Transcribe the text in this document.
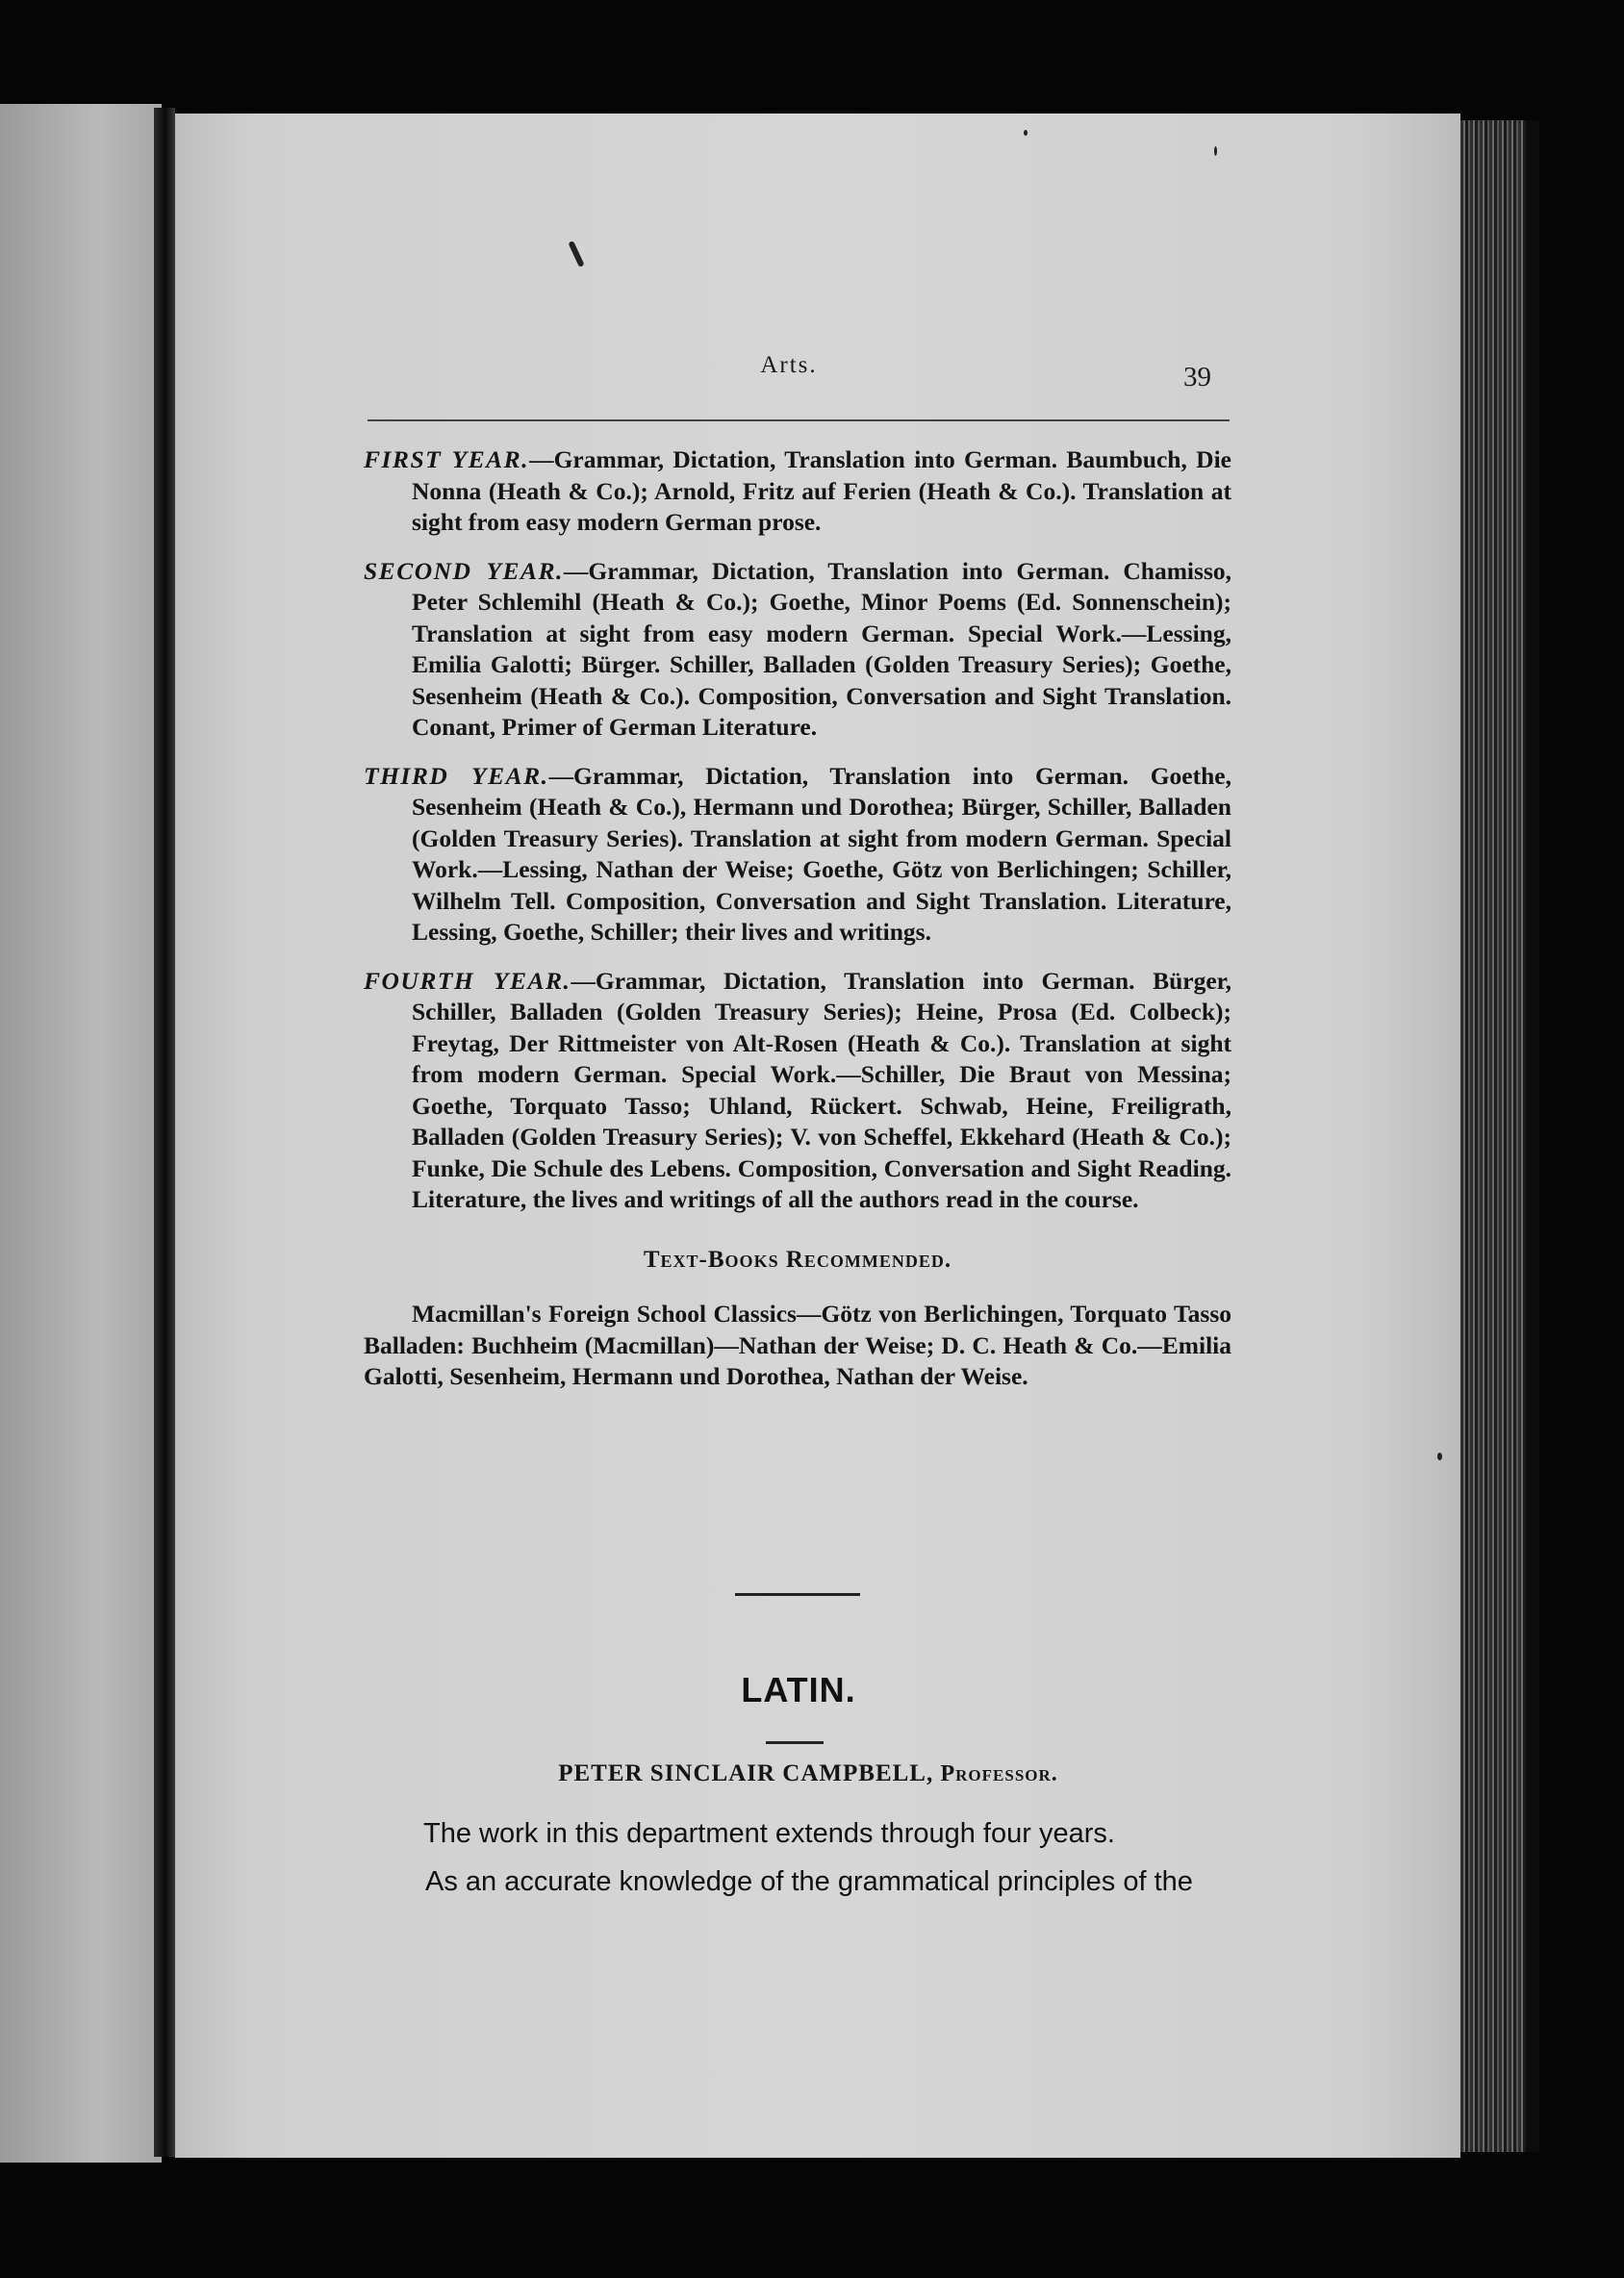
Arts.	39

FIRST YEAR.—Grammar, Dictation, Translation into German. Baumbuch, Die Nonna (Heath & Co.); Arnold, Fritz auf Ferien (Heath & Co.). Translation at sight from easy modern German prose.

SECOND YEAR.—Grammar, Dictation, Translation into German. Chamisso, Peter Schlemihl (Heath & Co.); Goethe, Minor Poems (Ed. Sonnenschein); Translation at sight from easy modern German. Special Work.—Lessing, Emilia Galotti; Bürger. Schiller, Balladen (Golden Treasury Series); Goethe, Sesenheim (Heath & Co.). Composition, Conversation and Sight Translation. Conant, Primer of German Literature.

THIRD YEAR.—Grammar, Dictation, Translation into German. Goethe, Sesenheim (Heath & Co.), Hermann und Dorothea; Bürger, Schiller, Balladen (Golden Treasury Series). Translation at sight from modern German. Special Work.—Lessing, Nathan der Weise; Goethe, Götz von Berlichingen; Schiller, Wilhelm Tell. Composition, Conversation and Sight Translation. Literature, Lessing, Goethe, Schiller; their lives and writings.

FOURTH YEAR.—Grammar, Dictation, Translation into German. Bürger, Schiller, Balladen (Golden Treasury Series); Heine, Prosa (Ed. Colbeck); Freytag, Der Rittmeister von Alt-Rosen (Heath & Co.). Translation at sight from modern German. Special Work.—Schiller, Die Braut von Messina; Goethe, Torquato Tasso; Uhland, Rückert. Schwab, Heine, Freiligrath, Balladen (Golden Treasury Series); V. von Scheffel, Ekkehard (Heath & Co.); Funke, Die Schule des Lebens. Composition, Conversation and Sight Reading. Literature, the lives and writings of all the authors read in the course.

Text-Books Recommended.

Macmillan's Foreign School Classics—Götz von Berlichingen, Torquato Tasso Balladen: Buchheim (Macmillan)—Nathan der Weise; D. C. Heath & Co.—Emilia Galotti, Sesenheim, Hermann und Dorothea, Nathan der Weise.

LATIN.
PETER SINCLAIR CAMPBELL, Professor.
The work in this department extends through four years.
As an accurate knowledge of the grammatical principles of the
